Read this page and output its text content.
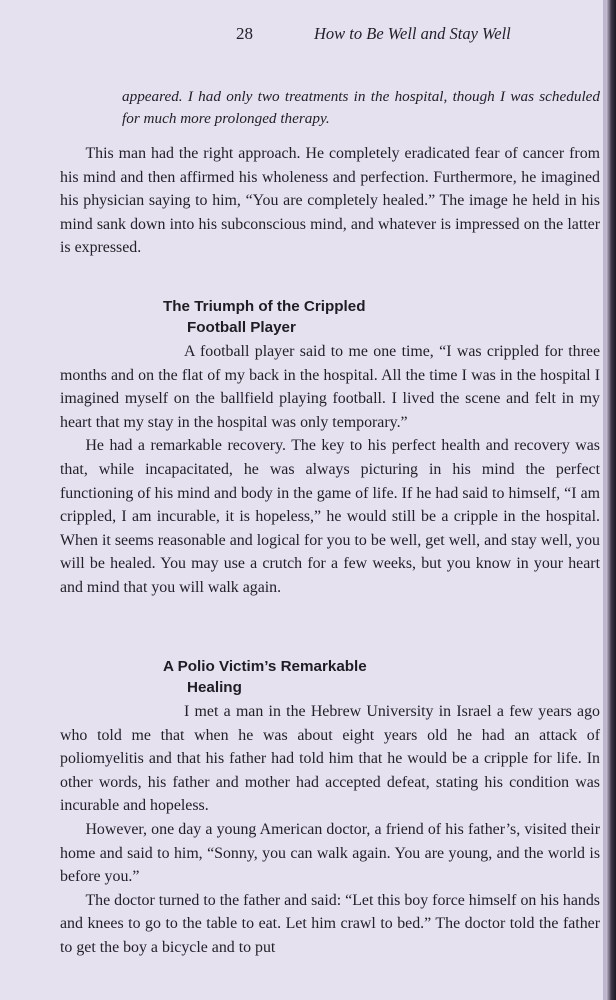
28	How to Be Well and Stay Well

appeared. I had only two treatments in the hospital, though I was scheduled for much more prolonged therapy.

This man had the right approach. He completely eradicated fear of cancer from his mind and then affirmed his wholeness and perfection. Furthermore, he imagined his physician saying to him, “You are completely healed.” The image he held in his mind sank down into his subconscious mind, and whatever is impressed on the latter is expressed.

The Triumph of the Crippled
Football Player

A football player said to me one time, “I was crippled for three months and on the flat of my back in the hospital. All the time I was in the hospital I imagined myself on the ballfield playing football. I lived the scene and felt in my heart that my stay in the hospital was only temporary.”

He had a remarkable recovery. The key to his perfect health and recovery was that, while incapacitated, he was always picturing in his mind the perfect functioning of his mind and body in the game of life. If he had said to himself, “I am crippled, I am incurable, it is hopeless,” he would still be a cripple in the hospital. When it seems reasonable and logical for you to be well, get well, and stay well, you will be healed. You may use a crutch for a few weeks, but you know in your heart and mind that you will walk again.

A Polio Victim’s Remarkable
Healing

I met a man in the Hebrew University in Israel a few years ago who told me that when he was about eight years old he had an attack of poliomyelitis and that his father had told him that he would be a cripple for life. In other words, his father and mother had accepted defeat, stating his condition was incurable and hopeless.

However, one day a young American doctor, a friend of his father’s, visited their home and said to him, “Sonny, you can walk again. You are young, and the world is before you.”

The doctor turned to the father and said: “Let this boy force himself on his hands and knees to go to the table to eat. Let him crawl to bed.” The doctor told the father to get the boy a bicycle and to put
